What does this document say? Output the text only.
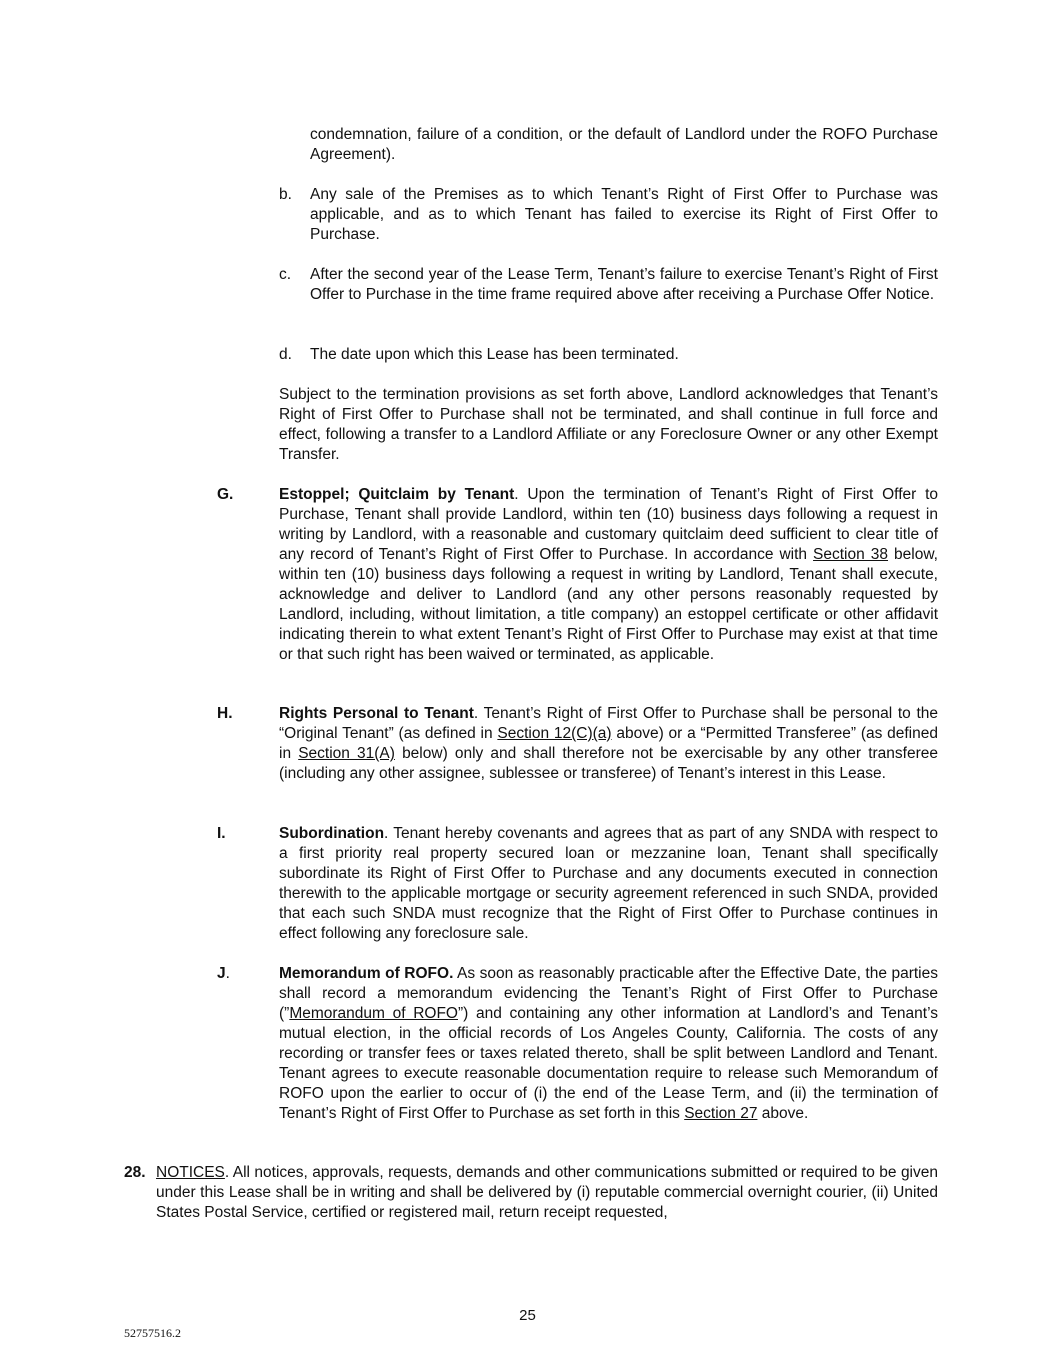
condemnation, failure of a condition, or the default of Landlord under the ROFO Purchase Agreement).
b. Any sale of the Premises as to which Tenant’s Right of First Offer to Purchase was applicable, and as to which Tenant has failed to exercise its Right of First Offer to Purchase.
c. After the second year of the Lease Term, Tenant’s failure to exercise Tenant’s Right of First Offer to Purchase in the time frame required above after receiving a Purchase Offer Notice.
d. The date upon which this Lease has been terminated.
Subject to the termination provisions as set forth above, Landlord acknowledges that Tenant’s Right of First Offer to Purchase shall not be terminated, and shall continue in full force and effect, following a transfer to a Landlord Affiliate or any Foreclosure Owner or any other Exempt Transfer.
G.	Estoppel; Quitclaim by Tenant. Upon the termination of Tenant’s Right of First Offer to Purchase, Tenant shall provide Landlord, within ten (10) business days following a request in writing by Landlord, with a reasonable and customary quitclaim deed sufficient to clear title of any record of Tenant’s Right of First Offer to Purchase. In accordance with Section 38 below, within ten (10) business days following a request in writing by Landlord, Tenant shall execute, acknowledge and deliver to Landlord (and any other persons reasonably requested by Landlord, including, without limitation, a title company) an estoppel certificate or other affidavit indicating therein to what extent Tenant’s Right of First Offer to Purchase may exist at that time or that such right has been waived or terminated, as applicable.
H.	Rights Personal to Tenant. Tenant’s Right of First Offer to Purchase shall be personal to the “Original Tenant” (as defined in Section 12(C)(a) above) or a “Permitted Transferee” (as defined in Section 31(A) below) only and shall therefore not be exercisable by any other transferee (including any other assignee, sublessee or transferee) of Tenant’s interest in this Lease.
I.	Subordination. Tenant hereby covenants and agrees that as part of any SNDA with respect to a first priority real property secured loan or mezzanine loan, Tenant shall specifically subordinate its Right of First Offer to Purchase and any documents executed in connection therewith to the applicable mortgage or security agreement referenced in such SNDA, provided that each such SNDA must recognize that the Right of First Offer to Purchase continues in effect following any foreclosure sale.
J.	Memorandum of ROFO. As soon as reasonably practicable after the Effective Date, the parties shall record a memorandum evidencing the Tenant’s Right of First Offer to Purchase (”Memorandum of ROFO”) and containing any other information at Landlord’s and Tenant’s mutual election, in the official records of Los Angeles County, California. The costs of any recording or transfer fees or taxes related thereto, shall be split between Landlord and Tenant. Tenant agrees to execute reasonable documentation require to release such Memorandum of ROFO upon the earlier to occur of (i) the end of the Lease Term, and (ii) the termination of Tenant’s Right of First Offer to Purchase as set forth in this Section 27 above.
28. NOTICES. All notices, approvals, requests, demands and other communications submitted or required to be given under this Lease shall be in writing and shall be delivered by (i) reputable commercial overnight courier, (ii) United States Postal Service, certified or registered mail, return receipt requested,
25
52757516.2
